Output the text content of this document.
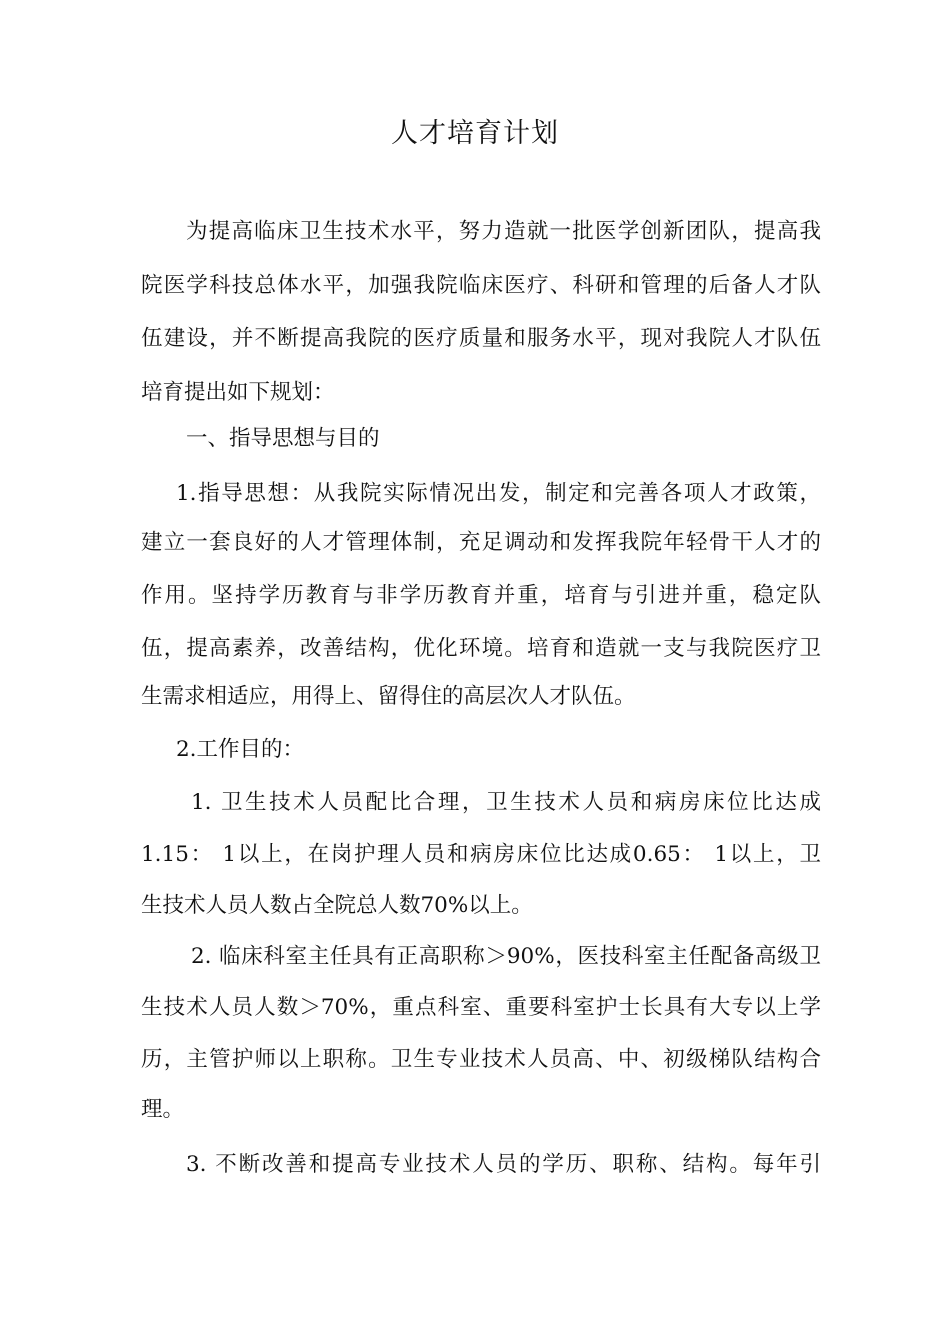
人才培育计划

为提高临床卫生技术水平，努力造就一批医学创新团队，提高我

院医学科技总体水平，加强我院临床医疗、科研和管理的后备人才队

伍建设，并不断提高我院的医疗质量和服务水平，现对我院人才队伍

培育提出如下规划：

一、指导思想与目的

1.指导思想：从我院实际情况出发，制定和完善各项人才政策，

建立一套良好的人才管理体制，充足调动和发挥我院年轻骨干人才的

作用。坚持学历教育与非学历教育并重，培育与引进并重，稳定队

伍，提高素养，改善结构，优化环境。培育和造就一支与我院医疗卫

生需求相适应，用得上、留得住的高层次人才队伍。

2.工作目的：

1. 卫生技术人员配比合理，卫生技术人员和病房床位比达成

1.15： 1以上，在岗护理人员和病房床位比达成0.65： 1以上，卫

生技术人员人数占全院总人数70%以上。

2. 临床科室主任具有正高职称＞90%，医技科室主任配备高级卫

生技术人员人数＞70%，重点科室、重要科室护士长具有大专以上学

历，主管护师以上职称。卫生专业技术人员高、中、初级梯队结构合

理。

3. 不断改善和提高专业技术人员的学历、职称、结构。每年引
